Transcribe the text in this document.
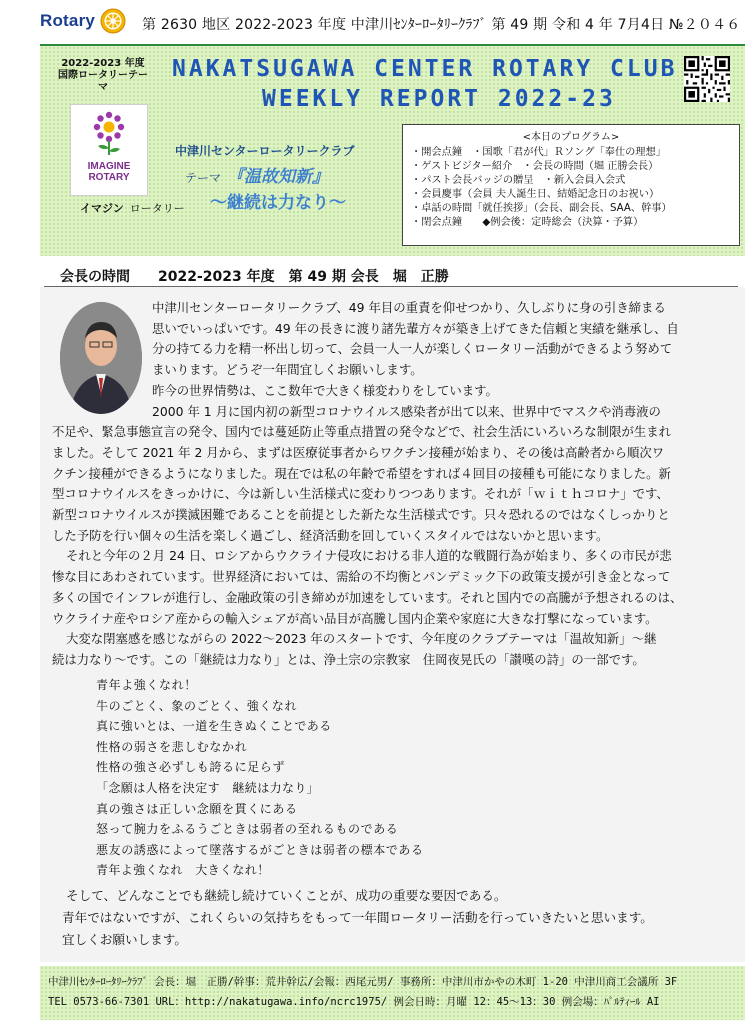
Rotary	第 2630 地区 2022-2023 年度 中津川ｾﾝﾀｰﾛｰﾀﾘｰｸﾗﾌﾞ 第 49 期 令和 4 年 7月4日 №２０４６
2022-2023 年度
国際ロータリーテーマ
NAKATSUGAWA CENTER ROTARY CLUB
WEEKLY REPORT 2022-23
IMAGINE
ROTARY
イマジン ロータリー
中津川センターロータリークラブ
テーマ 『温故知新』
～継続は力なり～
<本日のプログラム>
・開会点鐘　・国歌「君が代」Ｒソング「奉仕の理想」
・ゲストビジター紹介　・会長の時間（堀 正勝会長）
・パスト会長バッジの贈呈　・新入会員入会式
・会員慶事（会員 夫人誕生日、結婚記念日のお祝い）
・卓話の時間「就任挨拶」（会長、副会長、SAA、幹事）
・閉会点鐘　　◆例会後：定時総会（決算・予算）
会長の時間　　2022-2023 年度　第 49 期 会長　堀　正勝
中津川センターロータリークラブ、49 年目の重責を仰せつかり、久しぶりに身の引き締まる
思いでいっぱいです。49 年の長きに渡り諸先輩方々が築き上げてきた信頼と実績を継承し、自
分の持てる力を精一杯出し切って、会員一人一人が楽しくロータリー活動ができるよう努めて
まいります。どうぞ一年間宜しくお願いします。
昨今の世界情勢は、ここ数年で大きく様変わりをしています。
2000 年 1 月に国内初の新型コロナウイルス感染者が出て以来、世界中でマスクや消毒液の
不足や、緊急事態宣言の発令、国内では蔓延防止等重点措置の発令などで、社会生活にいろいろな制限が生まれ
ました。そして 2021 年 2 月から、まずは医療従事者からワクチン接種が始まり、その後は高齢者から順次ワ
クチン接種ができるようになりました。現在では私の年齢で希望をすれば４回目の接種も可能になりました。新
型コロナウイルスをきっかけに、今は新しい生活様式に変わりつつあります。それが「ｗｉｔｈコロナ」です、
新型コロナウイルスが撲滅困難であることを前提とした新たな生活様式です。只々恐れるのではなくしっかりと
した予防を行い個々の生活を楽しく過ごし、経済活動を回していくスタイルではないかと思います。
それと今年の２月 24 日、ロシアからウクライナ侵攻における非人道的な戦闘行為が始まり、多くの市民が悲
惨な目にあわされています。世界経済においては、需給の不均衡とパンデミック下の政策支援が引き金となって
多くの国でインフレが進行し、金融政策の引き締めが加速をしています。それと国内での高騰が予想されるのは、
ウクライナ産やロシア産からの輸入シェアが高い品目が高騰し国内企業や家庭に大きな打撃になっています。
大変な閉塞感を感じながらの 2022～2023 年のスタートです、今年度のクラブテーマは「温故知新」～継
続は力なり～です。この「継続は力なり」とは、浄土宗の宗教家　住岡夜晃氏の「讃嘆の詩」の一部です。
青年よ強くなれ！
牛のごとく、象のごとく、強くなれ
真に強いとは、一道を生きぬくことである
性格の弱さを悲しむなかれ
性格の強さ必ずしも誇るに足らず
「念願は人格を決定す　継続は力なり」
真の強さは正しい念願を貫くにある
怒って腕力をふるうごときは弱者の至れるものである
悪友の誘惑によって墜落するがごときは弱者の標本である
青年よ強くなれ　大きくなれ！
そして、どんなことでも継続し続けていくことが、成功の重要な要因である。
青年ではないですが、これくらいの気持ちをもって一年間ロータリー活動を行っていきたいと思います。
宜しくお願いします。
中津川ｾﾝﾀｰﾛｰﾀﾘｰｸﾗﾌﾞ 会長：堀　正勝/幹事：荒井幹広/会報：西尾元男/ 事務所：中津川市かやの木町 1-20 中津川商工会議所 3F
TEL 0573-66-7301 URL：http://nakatugawa.info/ncrc1975/ 例会日時：月曜 12：45～13：30 例会場：ﾊﾟﾙﾃｨｰﾙ AI
